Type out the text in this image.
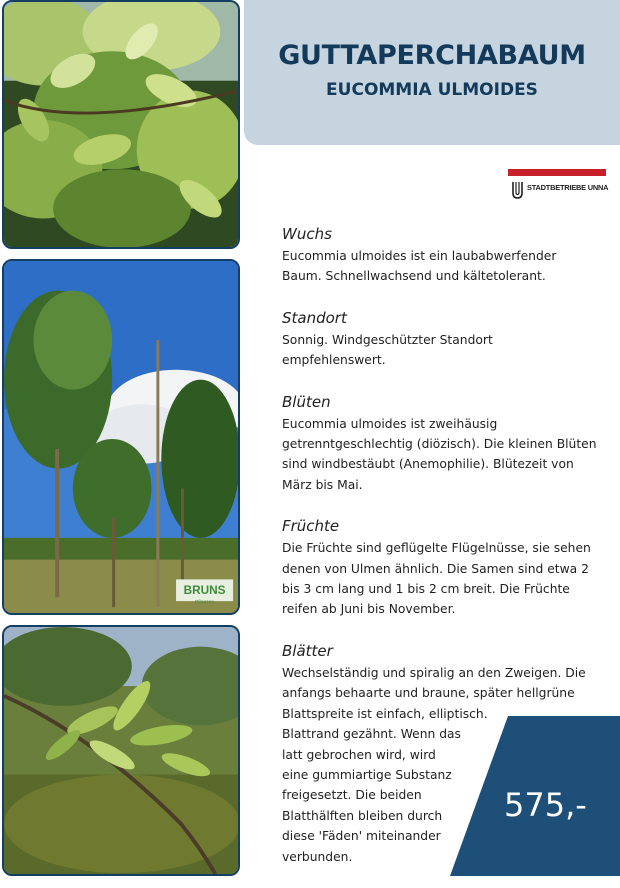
BRUNS
Pflanzen
GUTTAPERCHABAUM
EUCOMMIA ULMOIDES
STADTBETRIEBE UNNA
Wuchs

Eucommia ulmoides ist ein laubabwerfender
Baum. Schnellwachsend und kältetolerant.

Standort

Sonnig. Windgeschützter Standort
empfehlenswert.

Blüten

Eucommia ulmoides ist zweihäusig
getrenntgeschlechtig (diözisch). Die kleinen Blüten
sind windbestäubt (Anemophilie). Blütezeit von
März bis Mai.

Früchte

Die Früchte sind geflügelte Flügelnüsse, sie sehen
denen von Ulmen ähnlich. Die Samen sind etwa 2
bis 3 cm lang und 1 bis 2 cm breit. Die Früchte
reifen ab Juni bis November.

Blätter

Wechselständig und spiralig an den Zweigen. Die
anfangs behaarte und braune, später hellgrüne
Blattspreite ist einfach, elliptisch.
Blattrand gezähnt. Wenn das
latt gebrochen wird, wird
eine gummiartige Substanz
freigesetzt. Die beiden
Blatthälften bleiben durch
diese 'Fäden' miteinander
verbunden.

575,-
